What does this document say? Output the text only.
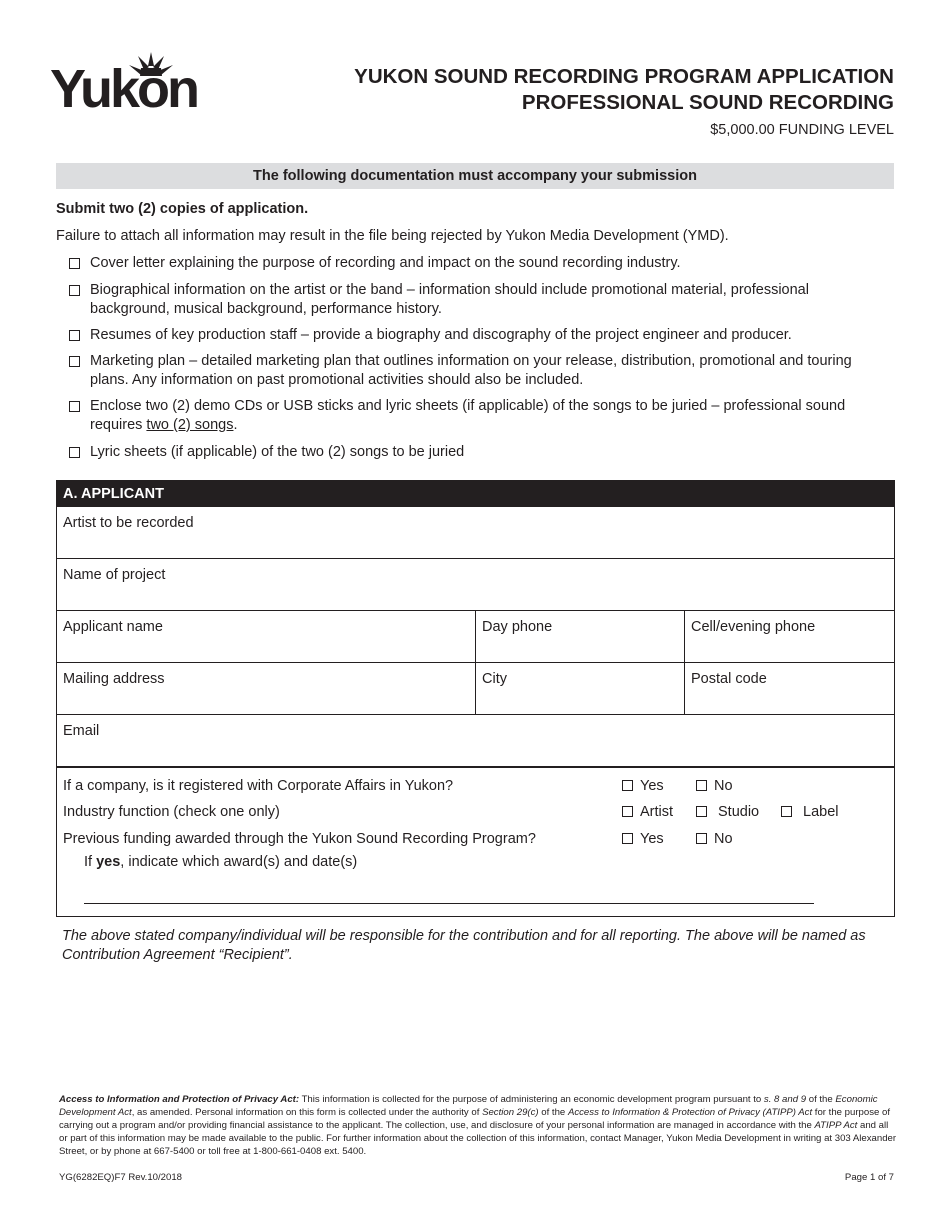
Yukon	YUKON SOUND RECORDING PROGRAM APPLICATION
PROFESSIONAL SOUND RECORDING
$5,000.00 FUNDING LEVEL
The following documentation must accompany your submission
Submit two (2) copies of application.
Failure to attach all information may result in the file being rejected by Yukon Media Development (YMD).
Cover letter explaining the purpose of recording and impact on the sound recording industry.
Biographical information on the artist or the band – information should include promotional material, professional background, musical background, performance history.
Resumes of key production staff – provide a biography and discography of the project engineer and producer.
Marketing plan – detailed marketing plan that outlines information on your release, distribution, promotional and touring plans. Any information on past promotional activities should also be included.
Enclose two (2) demo CDs or USB sticks and lyric sheets (if applicable) of the songs to be juried – professional sound requires two (2) songs.
Lyric sheets (if applicable) of the two (2) songs to be juried
A. APPLICANT
Artist to be recorded
Name of project
Applicant name	Day phone	Cell/evening phone
Mailing address	City	Postal code
Email
If a company, is it registered with Corporate Affairs in Yukon?	Yes	No
Industry function (check one only)	Artist	Studio	Label
Previous funding awarded through the Yukon Sound Recording Program?	Yes	No
If yes, indicate which award(s) and date(s)
The above stated company/individual will be responsible for the contribution and for all reporting. The above will be named as Contribution Agreement “Recipient”.
Access to Information and Protection of Privacy Act: This information is collected for the purpose of administering an economic development program pursuant to s. 8 and 9 of the Economic Development Act, as amended. Personal information on this form is collected under the authority of Section 29(c) of the Access to Information & Protection of Privacy (ATIPP) Act for the purpose of carrying out a program and/or providing financial assistance to the applicant. The collection, use, and disclosure of your personal information are managed in accordance with the ATIPP Act and all or part of this information may be made available to the public. For further information about the collection of this information, contact Manager, Yukon Media Development in writing at 303 Alexander Street, or by phone at 667-5400 or toll free at 1-800-661-0408 ext. 5400.
YG(6282EQ)F7 Rev.10/2018	Page 1 of 7
